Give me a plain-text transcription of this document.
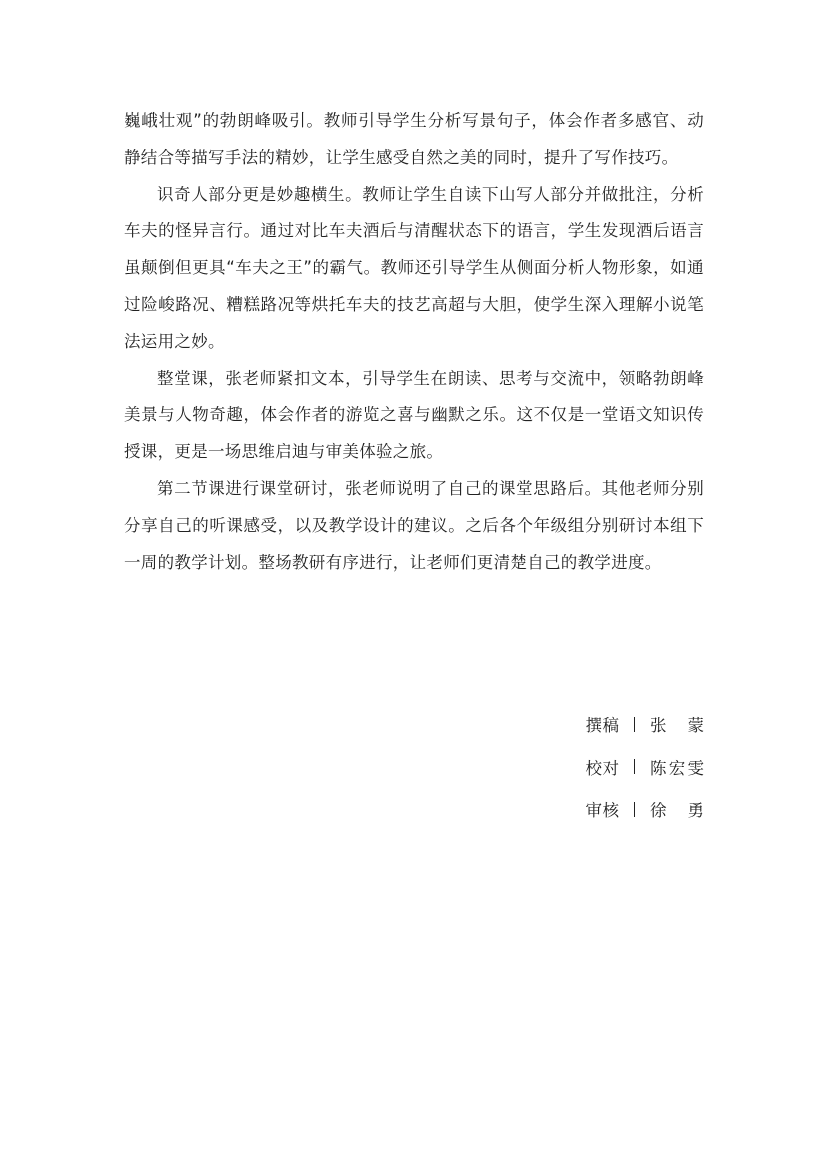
巍峨壮观”的勃朗峰吸引。教师引导学生分析写景句子，体会作者多感官、动静结合等描写手法的精妙，让学生感受自然之美的同时，提升了写作技巧。

识奇人部分更是妙趣横生。教师让学生自读下山写人部分并做批注，分析车夫的怪异言行。通过对比车夫酒后与清醒状态下的语言，学生发现酒后语言虽颠倒但更具“车夫之王”的霸气。教师还引导学生从侧面分析人物形象，如通过险峻路况、糟糕路况等烘托车夫的技艺高超与大胆，使学生深入理解小说笔法运用之妙。

整堂课，张老师紧扣文本，引导学生在朗读、思考与交流中，领略勃朗峰美景与人物奇趣，体会作者的游览之喜与幽默之乐。这不仅是一堂语文知识传授课，更是一场思维启迪与审美体验之旅。

第二节课进行课堂研讨，张老师说明了自己的课堂思路后。其他老师分别分享自己的听课感受，以及教学设计的建议。之后各个年级组分别研讨本组下一周的教学计划。整场教研有序进行，让老师们更清楚自己的教学进度。

撰稿 张蒙
校对 陈宏雯
审核 徐勇
